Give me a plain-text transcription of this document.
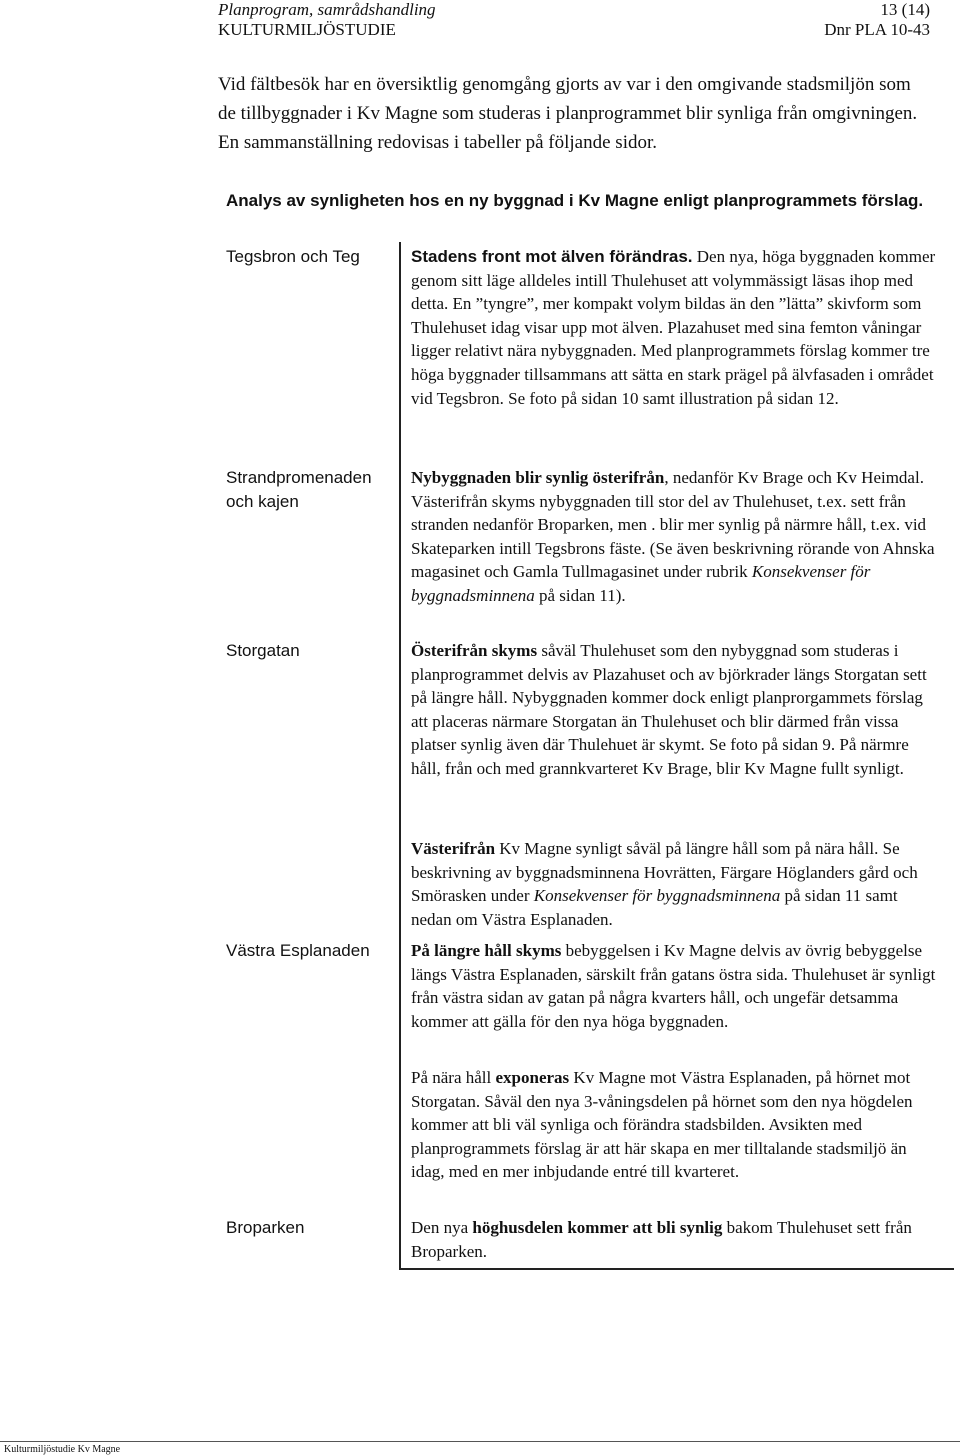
Planprogram, samrådshandling	13 (14)
KULTURMILJÖSTUDIE	Dnr PLA 10-43

Vid fältbesök har en översiktlig genomgång gjorts av var i den omgivande stadsmiljön som de tillbyggnader i Kv Magne som studeras i planprogrammet blir synliga från omgivningen. En sammanställning redovisas i tabeller på följande sidor.

Analys av synligheten hos en ny byggnad i Kv Magne enligt planprogrammets förslag.

Tegsbron och Teg

Strandpromenaden och kajen

Storgatan

Västra Esplanaden

Broparken

Stadens front mot älven förändras. Den nya, höga byggnaden kommer genom sitt läge alldeles intill Thulehuset att volymmässigt läsas ihop med detta. En ”tyngre”, mer kompakt volym bildas än den ”lätta” skivform som Thulehuset idag visar upp mot älven. Plazahuset med sina femton våningar ligger relativt nära nybyggnaden. Med planprogrammets förslag kommer tre höga byggnader tillsammans att sätta en stark prägel på älvfasaden i området vid Tegsbron. Se foto på sidan 10 samt illustration på sidan 12.

Nybyggnaden blir synlig österifrån, nedanför Kv Brage och Kv Heimdal. Västerifrån skyms nybyggnaden till stor del av Thulehuset, t.ex. sett från stranden nedanför Broparken, men . blir mer synlig på närmre håll, t.ex. vid Skateparken intill Tegsbrons fäste. (Se även beskrivning rörande von Ahnska magasinet och Gamla Tullmagasinet under rubrik Konsekvenser för byggnadsminnena på sidan 11).

Österifrån skyms såväl Thulehuset som den nybyggnad som studeras i planprogrammet delvis av Plazahuset och av björkrader längs Storgatan sett på längre håll. Nybyggnaden kommer dock enligt planprorgammets förslag att placeras närmare Storgatan än Thulehuset och blir därmed från vissa platser synlig även där Thulehuet är skymt. Se foto på sidan 9. På närmre håll, från och med grannkvarteret Kv Brage, blir Kv Magne fullt synligt.

Västerifrån Kv Magne synligt såväl på längre håll som på nära håll. Se beskrivning av byggnadsminnena Hovrätten, Färgare Höglanders gård och Smörasken under Konsekvenser för byggnadsminnena på sidan 11 samt nedan om Västra Esplanaden.

På längre håll skyms bebyggelsen i Kv Magne delvis av övrig bebyggelse längs Västra Esplanaden, särskilt från gatans östra sida. Thulehuset är synligt från västra sidan av gatan på några kvarters håll, och ungefär detsamma kommer att gälla för den nya höga byggnaden.

På nära håll exponeras Kv Magne mot Västra Esplanaden, på hörnet mot Storgatan. Såväl den nya 3-våningsdelen på hörnet som den nya högdelen kommer att bli väl synliga och förändra stadsbilden. Avsikten med planprogrammets förslag är att här skapa en mer tilltalande stadsmiljö än idag, med en mer inbjudande entré till kvarteret.

Den nya höghusdelen kommer att bli synlig bakom Thulehuset sett från Broparken.

Kulturmiljöstudie Kv Magne
